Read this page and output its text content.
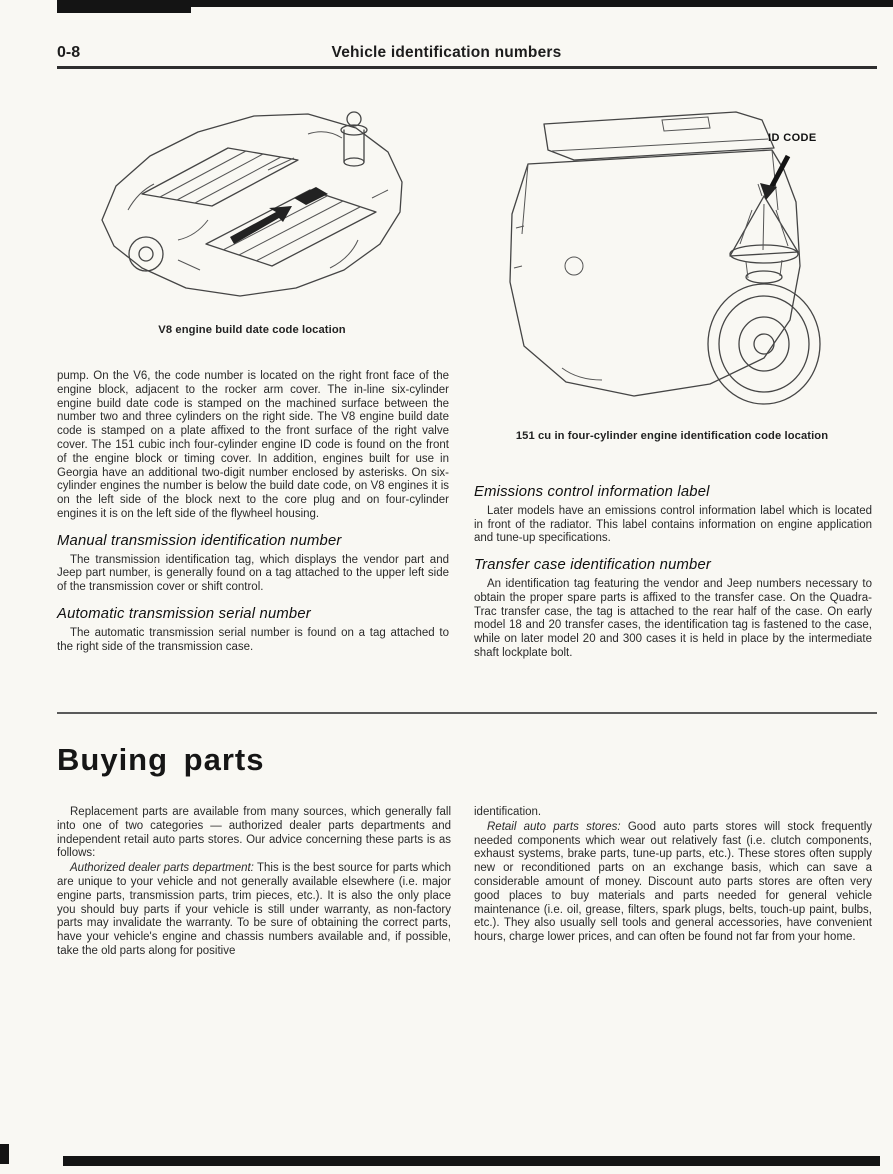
0-8	Vehicle identification numbers
V8 engine build date code location
ID CODE
151 cu in four-cylinder engine identification code location

pump. On the V6, the code number is located on the right front face of the engine block, adjacent to the rocker arm cover. The in-line six-cylinder engine build date code is stamped on the machined surface between the number two and three cylinders on the right side. The V8 engine build date code is stamped on a plate affixed to the front surface of the right valve cover. The 151 cubic inch four-cylinder engine ID code is found on the front of the engine block or timing cover. In addition, engines built for use in Georgia have an additional two-digit number enclosed by asterisks. On six-cylinder engines the number is below the build date code, on V8 engines it is on the left side of the block next to the core plug and on four-cylinder engines it is on the left side of the flywheel housing.

Manual transmission identification number

The transmission identification tag, which displays the vendor part and Jeep part number, is generally found on a tag attached to the upper left side of the transmission cover or shift control.

Automatic transmission serial number

The automatic transmission serial number is found on a tag attached to the right side of the transmission case.

Emissions control information label

Later models have an emissions control information label which is located in front of the radiator. This label contains information on engine application and tune-up specifications.

Transfer case identification number

An identification tag featuring the vendor and Jeep numbers necessary to obtain the proper spare parts is affixed to the transfer case. On the Quadra-Trac transfer case, the tag is attached to the rear half of the case. On early model 18 and 20 transfer cases, the identification tag is fastened to the case, while on later model 20 and 300 cases it is held in place by the intermediate shaft lockplate bolt.

Buying parts

Replacement parts are available from many sources, which generally fall into one of two categories — authorized dealer parts departments and independent retail auto parts stores. Our advice concerning these parts is as follows:

Authorized dealer parts department: This is the best source for parts which are unique to your vehicle and not generally available elsewhere (i.e. major engine parts, transmission parts, trim pieces, etc.). It is also the only place you should buy parts if your vehicle is still under warranty, as non-factory parts may invalidate the warranty. To be sure of obtaining the correct parts, have your vehicle's engine and chassis numbers available and, if possible, take the old parts along for positive

identification.

Retail auto parts stores: Good auto parts stores will stock frequently needed components which wear out relatively fast (i.e. clutch components, exhaust systems, brake parts, tune-up parts, etc.). These stores often supply new or reconditioned parts on an exchange basis, which can save a considerable amount of money. Discount auto parts stores are often very good places to buy materials and parts needed for general vehicle maintenance (i.e. oil, grease, filters, spark plugs, belts, touch-up paint, bulbs, etc.). They also usually sell tools and general accessories, have convenient hours, charge lower prices, and can often be found not far from your home.
